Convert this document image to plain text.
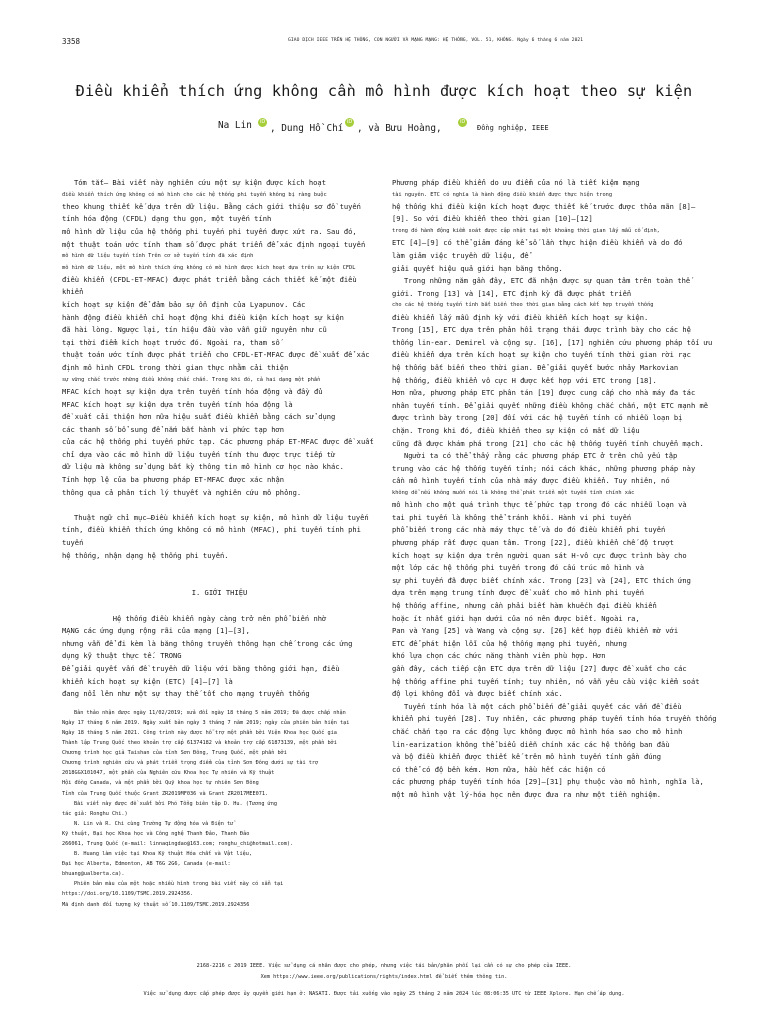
3358	GIAO DỊCH IEEE TRÊN HỆ THỐNG, CON NGƯỜI VÀ MẠNG MẠNG: HỆ THỐNG, VOL. 51, KHÔNG. Ngày 6 tháng 6 năm 2021
Điều khiển thích ứng không cần mô hình được kích hoạt theo sự kiện
Na Lin iD
, Dung Hồ Chí
iD
, và Bưu Hoàng,
iD
Đồng nghiệp, IEEE

Tóm tắt— Bài viết này nghiên cứu một sự kiện được kích hoạt

điều khiển thích ứng không có mô hình cho các hệ thống phi tuyến không bị ràng buộc

theo khung thiết kế dựa trên dữ liệu. Bằng cách giới thiệu sơ đồ tuyến

tính hóa động (CFDL) dạng thu gọn, một tuyến tính

mô hình dữ liệu của hệ thống phi tuyến phi tuyến được xứt ra. Sau đó,

một thuật toán ước tính tham số được phát triển để xác định ngoại tuyến

mô hình dữ liệu tuyến tính Trên cơ sở tuyến tính đã xác định

mô hình dữ liệu, một mô hình thích ứng không có mô hình được kích hoạt dựa trên sự kiện CFDL

điều khiển (CFDL-ET-MFAC) được phát triển bằng cách thiết kế một điều khiển

kích hoạt sự kiện để đảm bảo sự ổn định của Lyapunov. Các

hành động điều khiển chỉ hoạt động khi điều kiện kích hoạt sự kiện

đã hài lòng. Ngược lại, tín hiệu đầu vào vẫn giữ nguyên như cũ

tại thời điểm kích hoạt trước đó. Ngoài ra, tham số

thuật toán ước tính được phát triển cho CFDL-ET-MFAC được đề xuất để xác

định mô hình CFDL trong thời gian thực nhằm cải thiện

sự vững chắc trước những điều không chắc chắn. Trong khi đó, cả hai dạng một phần

MFAC kích hoạt sự kiện dựa trên tuyến tính hóa động và đầy đủ

MFAC kích hoạt sự kiện dựa trên tuyến tính hóa động là

đề xuất cải thiện hơn nữa hiệu suất điều khiển bằng cách sử dụng

các thanh số bổ sung để nắm bắt hành vi phức tạp hơn

của các hệ thống phi tuyến phức tạp. Các phương pháp ET-MFAC được đề xuất

chỉ dựa vào các mô hình dữ liệu tuyến tính thu được trực tiếp từ

dữ liệu mà không sử dụng bất kỳ thông tin mô hình cơ học nào khác.

Tính hợp lệ của ba phương pháp ET-MFAC được xác nhận

thông qua cả phân tích lý thuyết và nghiên cứu mô phỏng.

Thuật ngữ chỉ mục—Điều khiển kích hoạt sự kiện, mô hình dữ liệu tuyến

tính, điều khiển thích ứng không có mô hình (MFAC), phi tuyến tính phi tuyến

hệ thống, nhận dạng hệ thống phi tuyến.

I. GIỚI THIỆU

Hệ thống điều khiển ngày càng trở nên phổ biến nhờ

MẠNG các ứng dụng rộng rãi của mạng [1]–[3],

nhưng vẫn để đi kèm là băng thông truyền thông hạn chế trong các ứng

dụng kỹ thuật thực tế. TRONG

Để giải quyết vấn đề truyền dữ liệu với băng thông giới hạn, điều

khiển kích hoạt sự kiện (ETC) [4]–[7] là

đang nổi lên như một sự thay thế tốt cho mạng truyền thống

Bản thảo nhận được ngày 11/02/2019; sửa đổi ngày 18 tháng 5 năm 2019; Đã được chấp nhận

Ngày 17 tháng 6 năm 2019. Ngày xuất bản ngày 3 tháng 7 năm 2019; ngày của phiên bản hiện tại

Ngày 18 tháng 5 năm 2021. Công trình này được hỗ trợ một phần bởi Viện Khoa học Quốc gia

Thành lập Trung Quốc theo khoản trợ cấp 61374182 và khoản trợ cấp 61873139, một phần bởi

Chương trình học giả Taishan của tỉnh Sơn Đông, Trung Quốc, một phần bởi

Chương trình nghiên cứu và phát triển trọng điểm của tỉnh Sơn Đông dưới sự tài trợ

2018GGX101047, một phần của Nghiên cứu Khoa học Tự nhiên và Kỹ thuật

Hội đồng Canada, và một phần bởi Quỹ khoa học tự nhiên Sơn Đông

Tỉnh của Trung Quốc thuộc Grant ZR2019MF036 và Grant ZR2017MEE071.

Bài viết này được đề xuất bởi Phó Tổng biên tập D. Hu. (Tương ứng

tác giả: Ronghu Chi.)

N. Lin và R. Chi cùng Trường Tự động hóa và Điện tử

Kỹ thuật, Đại học Khoa học và Công nghệ Thanh Đảo, Thanh Đảo

266061, Trung Quốc (e-mail: linnaqingdao@163.com; ronghu_chi@hotmail.com).

B. Huang làm việc tại Khoa Kỹ thuật Hóa chất và Vật liệu,

Đại học Alberta, Edmonton, AB T6G 2G6, Canada (e-mail:

bhuang@ualberta.ca).

Phiên bản màu của một hoặc nhiều hình trong bài viết này có sẵn tại

https://doi.org/10.1109/TSMC.2019.2924356.

Mã định danh đối tượng kỹ thuật số 10.1109/TSMC.2019.2924356

Phương pháp điều khiển do ưu điểm của nó là tiết kiệm mạng

tài nguyên. ETC có nghĩa là hành động điều khiển được thực hiện trong

hệ thống khi điều kiện kích hoạt được thiết kế trước được thỏa mãn [8]–

[9]. So với điều khiển theo thời gian [10]–[12]

trong đó hành động kiểm soát được cập nhật tại một khoảng thời gian lấy mẫu cố định,

ETC [4]–[9] có thể giảm đáng kể số lần thực hiện điều khiển và do đó

làm giảm việc truyền dữ liệu, để

giải quyết hiệu quả giới hạn băng thông.

Trong những năm gần đây, ETC đã nhận được sự quan tâm trên toàn thế

giới. Trong [13] và [14], ETC định kỳ đã được phát triển

cho các hệ thống tuyến tính bất biến theo thời gian bằng cách kết hợp truyền thống

điều khiển lấy mẫu định kỳ với điều khiển kích hoạt sự kiện.

Trong [15], ETC dựa trên phản hồi trạng thái được trình bày cho các hệ

thống lin-ear. Demirel và cộng sự. [16], [17] nghiên cứu phương pháp tối ưu

điều khiển dựa trên kích hoạt sự kiện cho tuyến tính thời gian rời rạc

hệ thống bất biến theo thời gian. Để giải quyết bước nhảy Markovian

hệ thống, điều khiển vô cực H được kết hợp với ETC trong [18].

Hơn nữa, phương pháp ETC phân tán [19] được cung cấp cho nhà máy đa tác

nhân tuyến tính. Để giải quyết những điều không chắc chắn, một ETC mạnh mẽ

được trình bày trong [20] đối với các hệ tuyến tính có nhiễu loạn bị

chặn. Trong khi đó, điều khiển theo sự kiện có mất dữ liệu

cũng đã được khám phá trong [21] cho các hệ thống tuyến tính chuyển mạch.

Người ta có thể thấy rằng các phương pháp ETC ở trên chủ yếu tập

trung vào các hệ thống tuyến tính; nói cách khác, những phương pháp này

cần mô hình tuyến tính của nhà máy được điều khiển. Tuy nhiên, nó

không dễ nếu không muốn nói là không thể phát triển một tuyến tính chính xác

mô hình cho một quá trình thực tế phức tạp trong đó các nhiễu loạn và

tai phi tuyến là không thể tránh khỏi. Hành vi phi tuyến

phổ biến trong các nhà máy thực tế và do đó điều khiển phi tuyến

phương pháp rất được quan tâm. Trong [22], điều khiển chế độ trượt

kích hoạt sự kiện dựa trên người quan sát H-vô cực được trình bày cho

một lớp các hệ thống phi tuyến trong đó cấu trúc mô hình và

sự phi tuyến đã được biết chính xác. Trong [23] và [24], ETC thích ứng

dựa trên mạng trung tính được đề xuất cho mô hình phi tuyến

hệ thống affine, nhưng cần phải biết hàm khuếch đại điều khiển

hoặc ít nhất giới hạn dưới của nó nên được biết. Ngoài ra,

Pan và Yang [25] và Wang và cộng sự. [26] kết hợp điều khiển mờ với

ETC để phát hiện lỗi của hệ thống mạng phi tuyến, nhưng

khó lựa chọn các chức năng thành viên phù hợp. Hơn

gần đây, cách tiếp cận ETC dựa trên dữ liệu [27] được đề xuất cho các

hệ thống affine phi tuyến tính; tuy nhiên, nó vẫn yêu cầu việc kiểm soát

độ lợi không đổi và được biết chính xác.

Tuyến tính hóa là một cách phổ biến để giải quyết các vấn đề điều

khiển phi tuyến [28]. Tuy nhiên, các phương pháp tuyến tính hóa truyền thống

chắc chắn tạo ra các động lực không được mô hình hóa sao cho mô hình

lin-earization không thể biểu diễn chính xác các hệ thống ban đầu

và bộ điều khiển được thiết kế trên mô hình tuyến tính gần đúng

có thể có độ bền kém. Hơn nữa, hầu hết các hiện có

các phương pháp tuyến tính hóa [29]–[31] phụ thuộc vào mô hình, nghĩa là,

một mô hình vật lý-hóa học nên được đưa ra như một tiền nghiệm.

2168-2216 c 2019 IEEE. Việc sử dụng cá nhân được cho phép, nhưng việc tái bản/phân phối lại cần có sự cho phép của IEEE.
Xem https://www.ieee.org/publications/rights/index.html để biết thêm thông tin.
Việc sử dụng được cấp phép được ủy quyền giới hạn ở: NASATI. Được tải xuống vào ngày 25 tháng 2 năm 2024 lúc 08:06:35 UTC từ IEEE Xplore. Hạn chế áp dụng.
